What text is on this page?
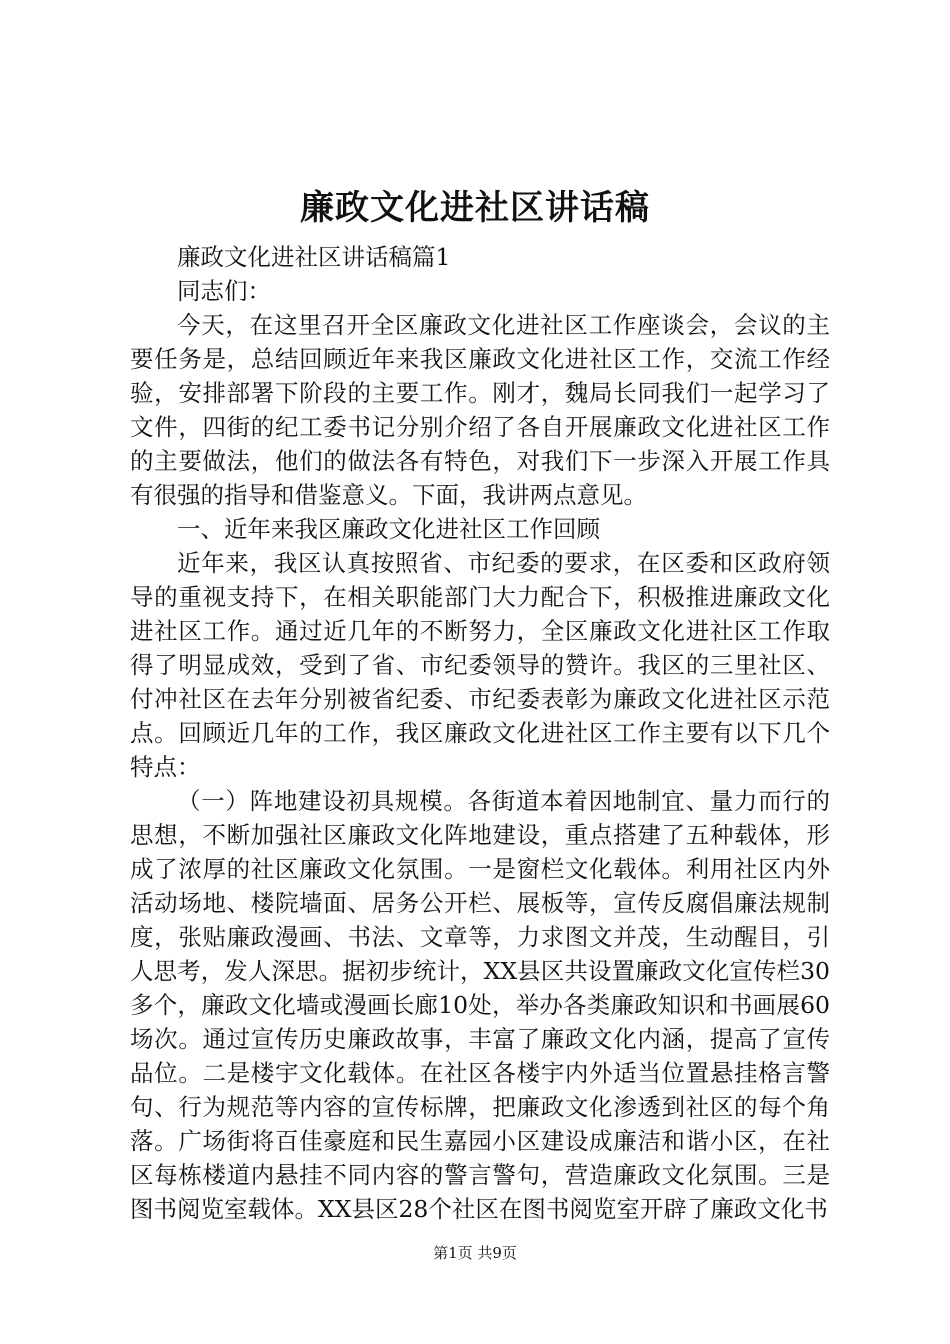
廉政文化进社区讲话稿

廉政文化进社区讲话稿篇1

同志们：

今天，在这里召开全区廉政文化进社区工作座谈会，会议的主要任务是，总结回顾近年来我区廉政文化进社区工作，交流工作经验，安排部署下阶段的主要工作。刚才，魏局长同我们一起学习了文件，四街的纪工委书记分别介绍了各自开展廉政文化进社区工作的主要做法，他们的做法各有特色，对我们下一步深入开展工作具有很强的指导和借鉴意义。下面，我讲两点意见。

一、近年来我区廉政文化进社区工作回顾

近年来，我区认真按照省、市纪委的要求，在区委和区政府领导的重视支持下，在相关职能部门大力配合下，积极推进廉政文化进社区工作。通过近几年的不断努力，全区廉政文化进社区工作取得了明显成效，受到了省、市纪委领导的赞许。我区的三里社区、付冲社区在去年分别被省纪委、市纪委表彰为廉政文化进社区示范点。回顾近几年的工作，我区廉政文化进社区工作主要有以下几个特点：

（一）阵地建设初具规模。各街道本着因地制宜、量力而行的思想，不断加强社区廉政文化阵地建设，重点搭建了五种载体，形成了浓厚的社区廉政文化氛围。一是窗栏文化载体。利用社区内外活动场地、楼院墙面、居务公开栏、展板等，宣传反腐倡廉法规制度，张贴廉政漫画、书法、文章等，力求图文并茂，生动醒目，引人思考，发人深思。据初步统计，XX县区共设置廉政文化宣传栏30多个，廉政文化墙或漫画长廊10处，举办各类廉政知识和书画展60场次。通过宣传历史廉政故事，丰富了廉政文化内涵，提高了宣传品位。二是楼宇文化载体。在社区各楼宇内外适当位置悬挂格言警句、行为规范等内容的宣传标牌，把廉政文化渗透到社区的每个角落。广场街将百佳豪庭和民生嘉园小区建设成廉洁和谐小区，在社区每栋楼道内悬挂不同内容的警言警句，营造廉政文化氛围。三是图书阅览室载体。XX县区28个社区在图书阅览室开辟了廉政文化书

第1页 共9页
